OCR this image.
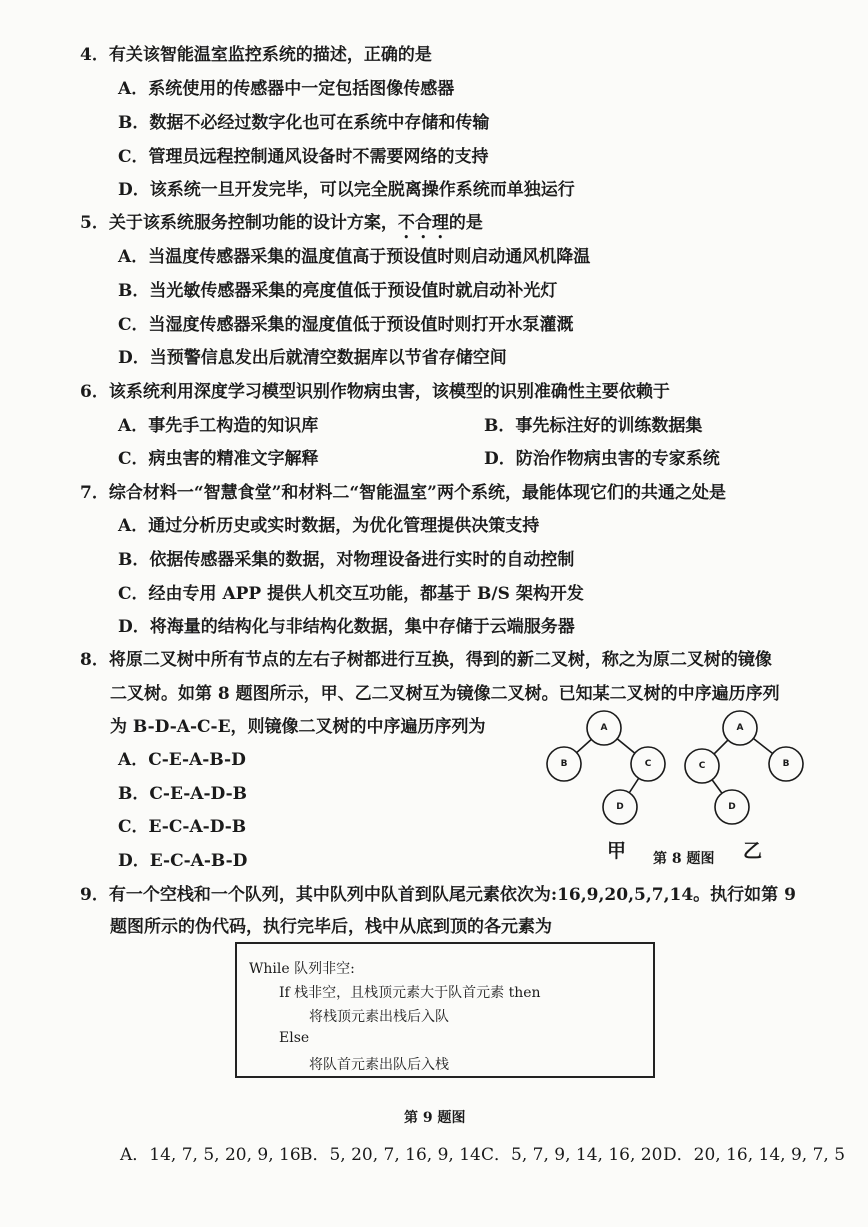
4．有关该智能温室监控系统的描述，正确的是
A．系统使用的传感器中一定包括图像传感器
B．数据不必经过数字化也可在系统中存储和传输
C．管理员远程控制通风设备时不需要网络的支持
D．该系统一旦开发完毕，可以完全脱离操作系统而单独运行
5．关于该系统服务控制功能的设计方案，不合理的是
A．当温度传感器采集的温度值高于预设值时则启动通风机降温
B．当光敏传感器采集的亮度值低于预设值时就启动补光灯
C．当湿度传感器采集的湿度值低于预设值时则打开水泵灌溉
D．当预警信息发出后就清空数据库以节省存储空间
6．该系统利用深度学习模型识别作物病虫害，该模型的识别准确性主要依赖于
A．事先手工构造的知识库	B．事先标注好的训练数据集
C．病虫害的精准文字解释	D．防治作物病虫害的专家系统
7．综合材料一“智慧食堂”和材料二“智能温室”两个系统，最能体现它们的共通之处是
A．通过分析历史或实时数据，为优化管理提供决策支持
B．依据传感器采集的数据，对物理设备进行实时的自动控制
C．经由专用 APP 提供人机交互功能，都基于 B/S 架构开发
D．将海量的结构化与非结构化数据，集中存储于云端服务器
8．将原二叉树中所有节点的左右子树都进行互换，得到的新二叉树，称之为原二叉树的镜像
二叉树。如第 8 题图所示，甲、乙二叉树互为镜像二叉树。已知某二叉树的中序遍历序列
为 B-D-A-C-E，则镜像二叉树的中序遍历序列为
A．C-E-A-B-D
B．C-E-A-D-B
C．E-C-A-D-B
D．E-C-A-B-D
A
B	C
D
A
C	B
D
甲 第 8 题图 乙
9．有一个空栈和一个队列，其中队列中队首到队尾元素依次为:16,9,20,5,7,14。执行如第 9
题图所示的伪代码，执行完毕后，栈中从底到顶的各元素为
While 队列非空:
If 栈非空，且栈顶元素大于队首元素 then
将栈顶元素出栈后入队
Else
将队首元素出队后入栈
第 9 题图
A．14, 7, 5, 20, 9, 16 B．5, 20, 7, 16, 9, 14 C．5, 7, 9, 14, 16, 20 D．20, 16, 14, 9, 7, 5
